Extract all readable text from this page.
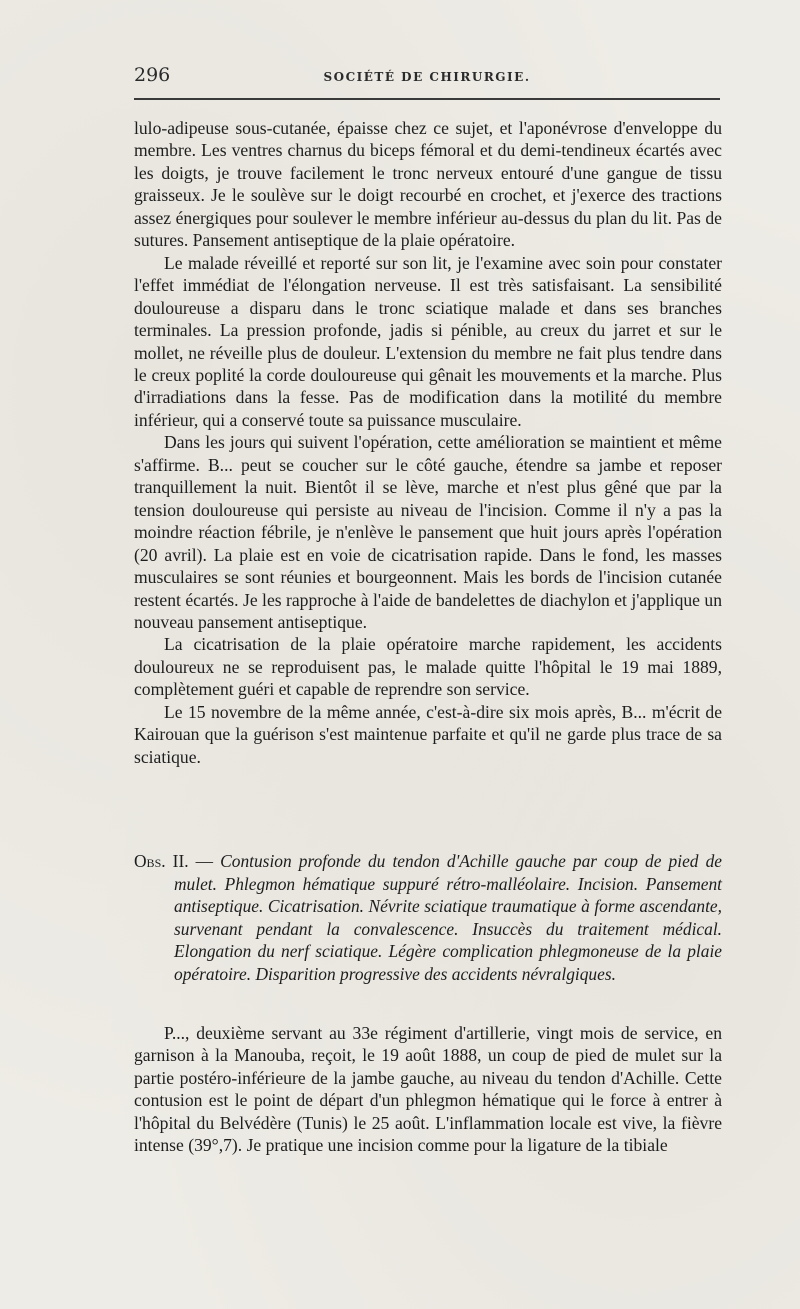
296	SOCIÉTÉ DE CHIRURGIE.

lulo-adipeuse sous-cutanée, épaisse chez ce sujet, et l'aponévrose d'enveloppe du membre. Les ventres charnus du biceps fémoral et du demi-tendineux écartés avec les doigts, je trouve facilement le tronc nerveux entouré d'une gangue de tissu graisseux. Je le soulève sur le doigt recourbé en crochet, et j'exerce des tractions assez énergiques pour soulever le membre inférieur au-dessus du plan du lit. Pas de sutures. Pansement antiseptique de la plaie opératoire.

Le malade réveillé et reporté sur son lit, je l'examine avec soin pour constater l'effet immédiat de l'élongation nerveuse. Il est très satisfaisant. La sensibilité douloureuse a disparu dans le tronc sciatique malade et dans ses branches terminales. La pression profonde, jadis si pénible, au creux du jarret et sur le mollet, ne réveille plus de douleur. L'extension du membre ne fait plus tendre dans le creux poplité la corde douloureuse qui gênait les mouvements et la marche. Plus d'irradiations dans la fesse. Pas de modification dans la motilité du membre inférieur, qui a conservé toute sa puissance musculaire.

Dans les jours qui suivent l'opération, cette amélioration se maintient et même s'affirme. B... peut se coucher sur le côté gauche, étendre sa jambe et reposer tranquillement la nuit. Bientôt il se lève, marche et n'est plus gêné que par la tension douloureuse qui persiste au niveau de l'incision. Comme il n'y a pas la moindre réaction fébrile, je n'enlève le pansement que huit jours après l'opération (20 avril). La plaie est en voie de cicatrisation rapide. Dans le fond, les masses musculaires se sont réunies et bourgeonnent. Mais les bords de l'incision cutanée restent écartés. Je les rapproche à l'aide de bandelettes de diachylon et j'applique un nouveau pansement antiseptique.

La cicatrisation de la plaie opératoire marche rapidement, les accidents douloureux ne se reproduisent pas, le malade quitte l'hôpital le 19 mai 1889, complètement guéri et capable de reprendre son service.

Le 15 novembre de la même année, c'est-à-dire six mois après, B... m'écrit de Kairouan que la guérison s'est maintenue parfaite et qu'il ne garde plus trace de sa sciatique.

Obs. II. — Contusion profonde du tendon d'Achille gauche par coup de pied de mulet. Phlegmon hématique suppuré rétro-malléolaire. Incision. Pansement antiseptique. Cicatrisation. Névrite sciatique traumatique à forme ascendante, survenant pendant la convalescence. Insuccès du traitement médical. Elongation du nerf sciatique. Légère complication phlegmoneuse de la plaie opératoire. Disparition progressive des accidents névralgiques.

P..., deuxième servant au 33e régiment d'artillerie, vingt mois de service, en garnison à la Manouba, reçoit, le 19 août 1888, un coup de pied de mulet sur la partie postéro-inférieure de la jambe gauche, au niveau du tendon d'Achille. Cette contusion est le point de départ d'un phlegmon hématique qui le force à entrer à l'hôpital du Belvédère (Tunis) le 25 août. L'inflammation locale est vive, la fièvre intense (39°,7). Je pratique une incision comme pour la ligature de la tibiale
